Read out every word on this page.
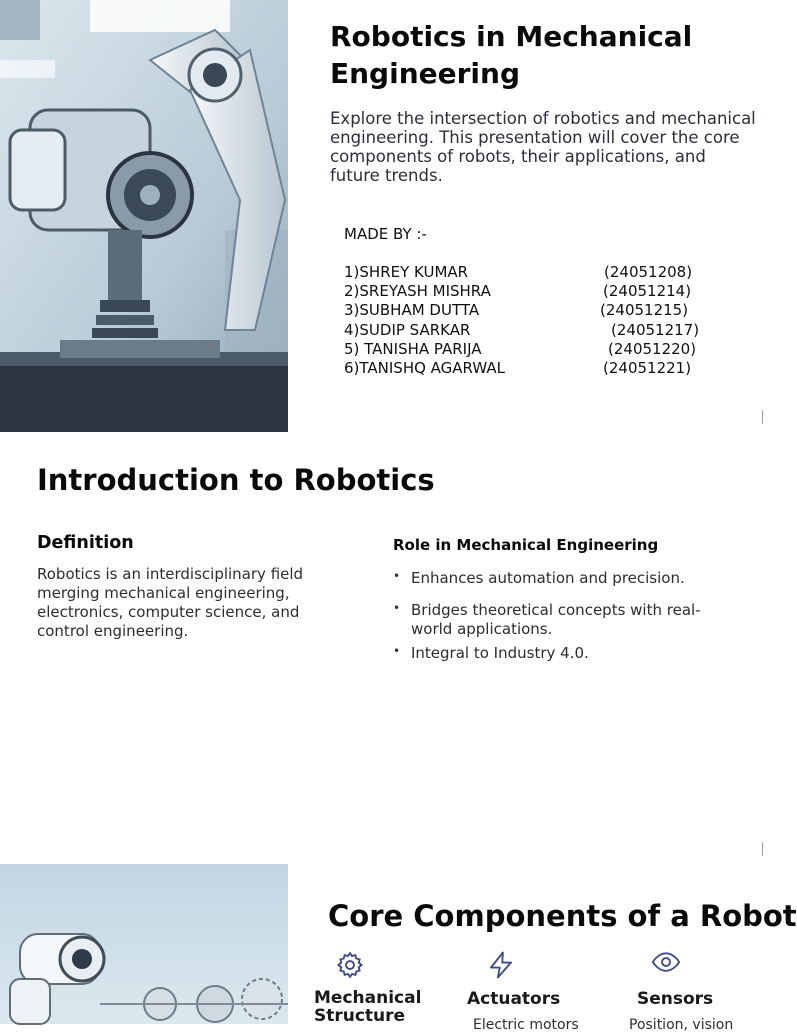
Robotics in Mechanical Engineering
Explore the intersection of robotics and mechanical engineering. This presentation will cover the core components of robots, their applications, and future trends.
MADE BY :-
1)SHREY KUMAR	(24051208)
2)SREYASH MISHRA	(24051214)
3)SUBHAM DUTTA	(24051215)
4)SUDIP SARKAR	(24051217)
5) TANISHA PARIJA	(24051220)
6)TANISHQ AGARWAL	(24051221)
Introduction to Robotics
Definition
Robotics is an interdisciplinary field merging mechanical engineering, electronics, computer science, and control engineering.
Role in Mechanical Engineering
• Enhances automation and precision.
• Bridges theoretical concepts with real-world applications.
• Integral to Industry 4.0.
Core Components of a Robot
Mechanical Structure
Actuators	Sensors
Electric motors	Position, vision
